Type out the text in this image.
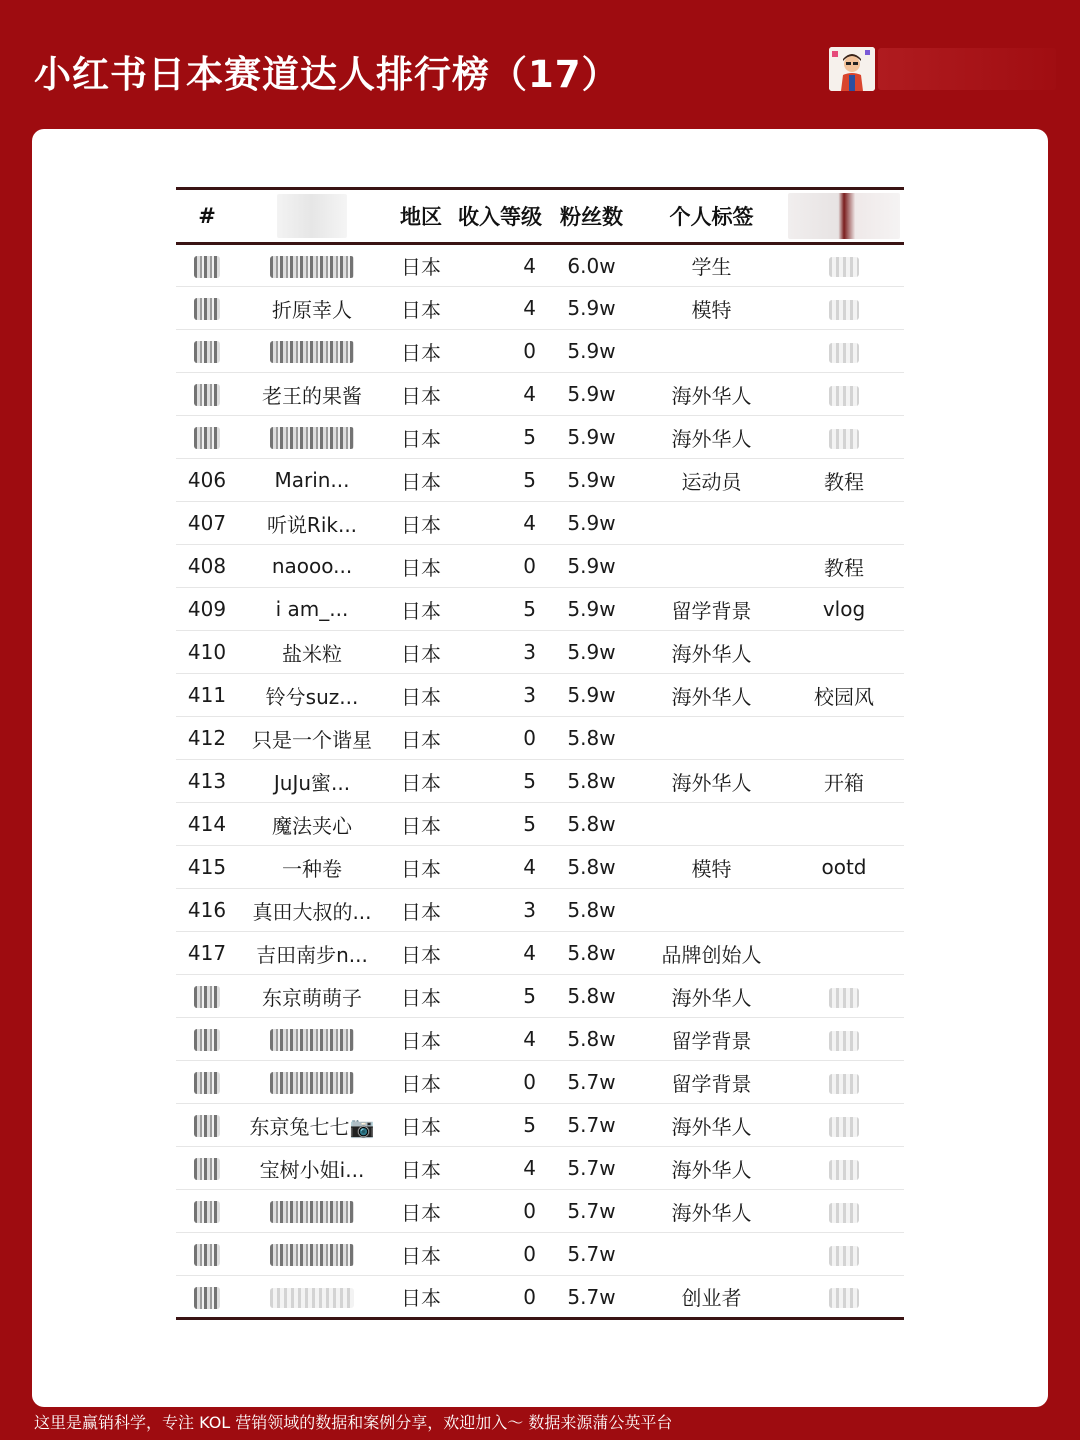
小红书日本赛道达人排行榜（17）
#		地区	收入等级	粉丝数	个人标签	
		日本	4	6.0w	学生	
	折原幸人	日本	4	5.9w	模特	
		日本	0	5.9w		
	老王的果酱	日本	4	5.9w	海外华人	
		日本	5	5.9w	海外华人	
406	Marin...	日本	5	5.9w	运动员	教程
407	听说Rik...	日本	4	5.9w		
408	naooo...	日本	0	5.9w		教程
409	i am_...	日本	5	5.9w	留学背景	vlog
410	盐米粒	日本	3	5.9w	海外华人	
411	铃兮suz...	日本	3	5.9w	海外华人	校园风
412	只是一个谐星	日本	0	5.8w		
413	JuJu蜜...	日本	5	5.8w	海外华人	开箱
414	魔法夹心	日本	5	5.8w		
415	一种卷	日本	4	5.8w	模特	ootd
416	真田大叔的...	日本	3	5.8w		
417	吉田南步n...	日本	4	5.8w	品牌创始人	
	东京萌萌子	日本	5	5.8w	海外华人	
		日本	4	5.8w	留学背景	
		日本	0	5.7w	留学背景	
	东京兔七七📷	日本	5	5.7w	海外华人	
	宝树小姐i...	日本	4	5.7w	海外华人	
		日本	0	5.7w	海外华人	
		日本	0	5.7w		
		日本	0	5.7w	创业者	
这里是赢销科学，专注 KOL 营销领域的数据和案例分享，欢迎加入～ 数据来源蒲公英平台
